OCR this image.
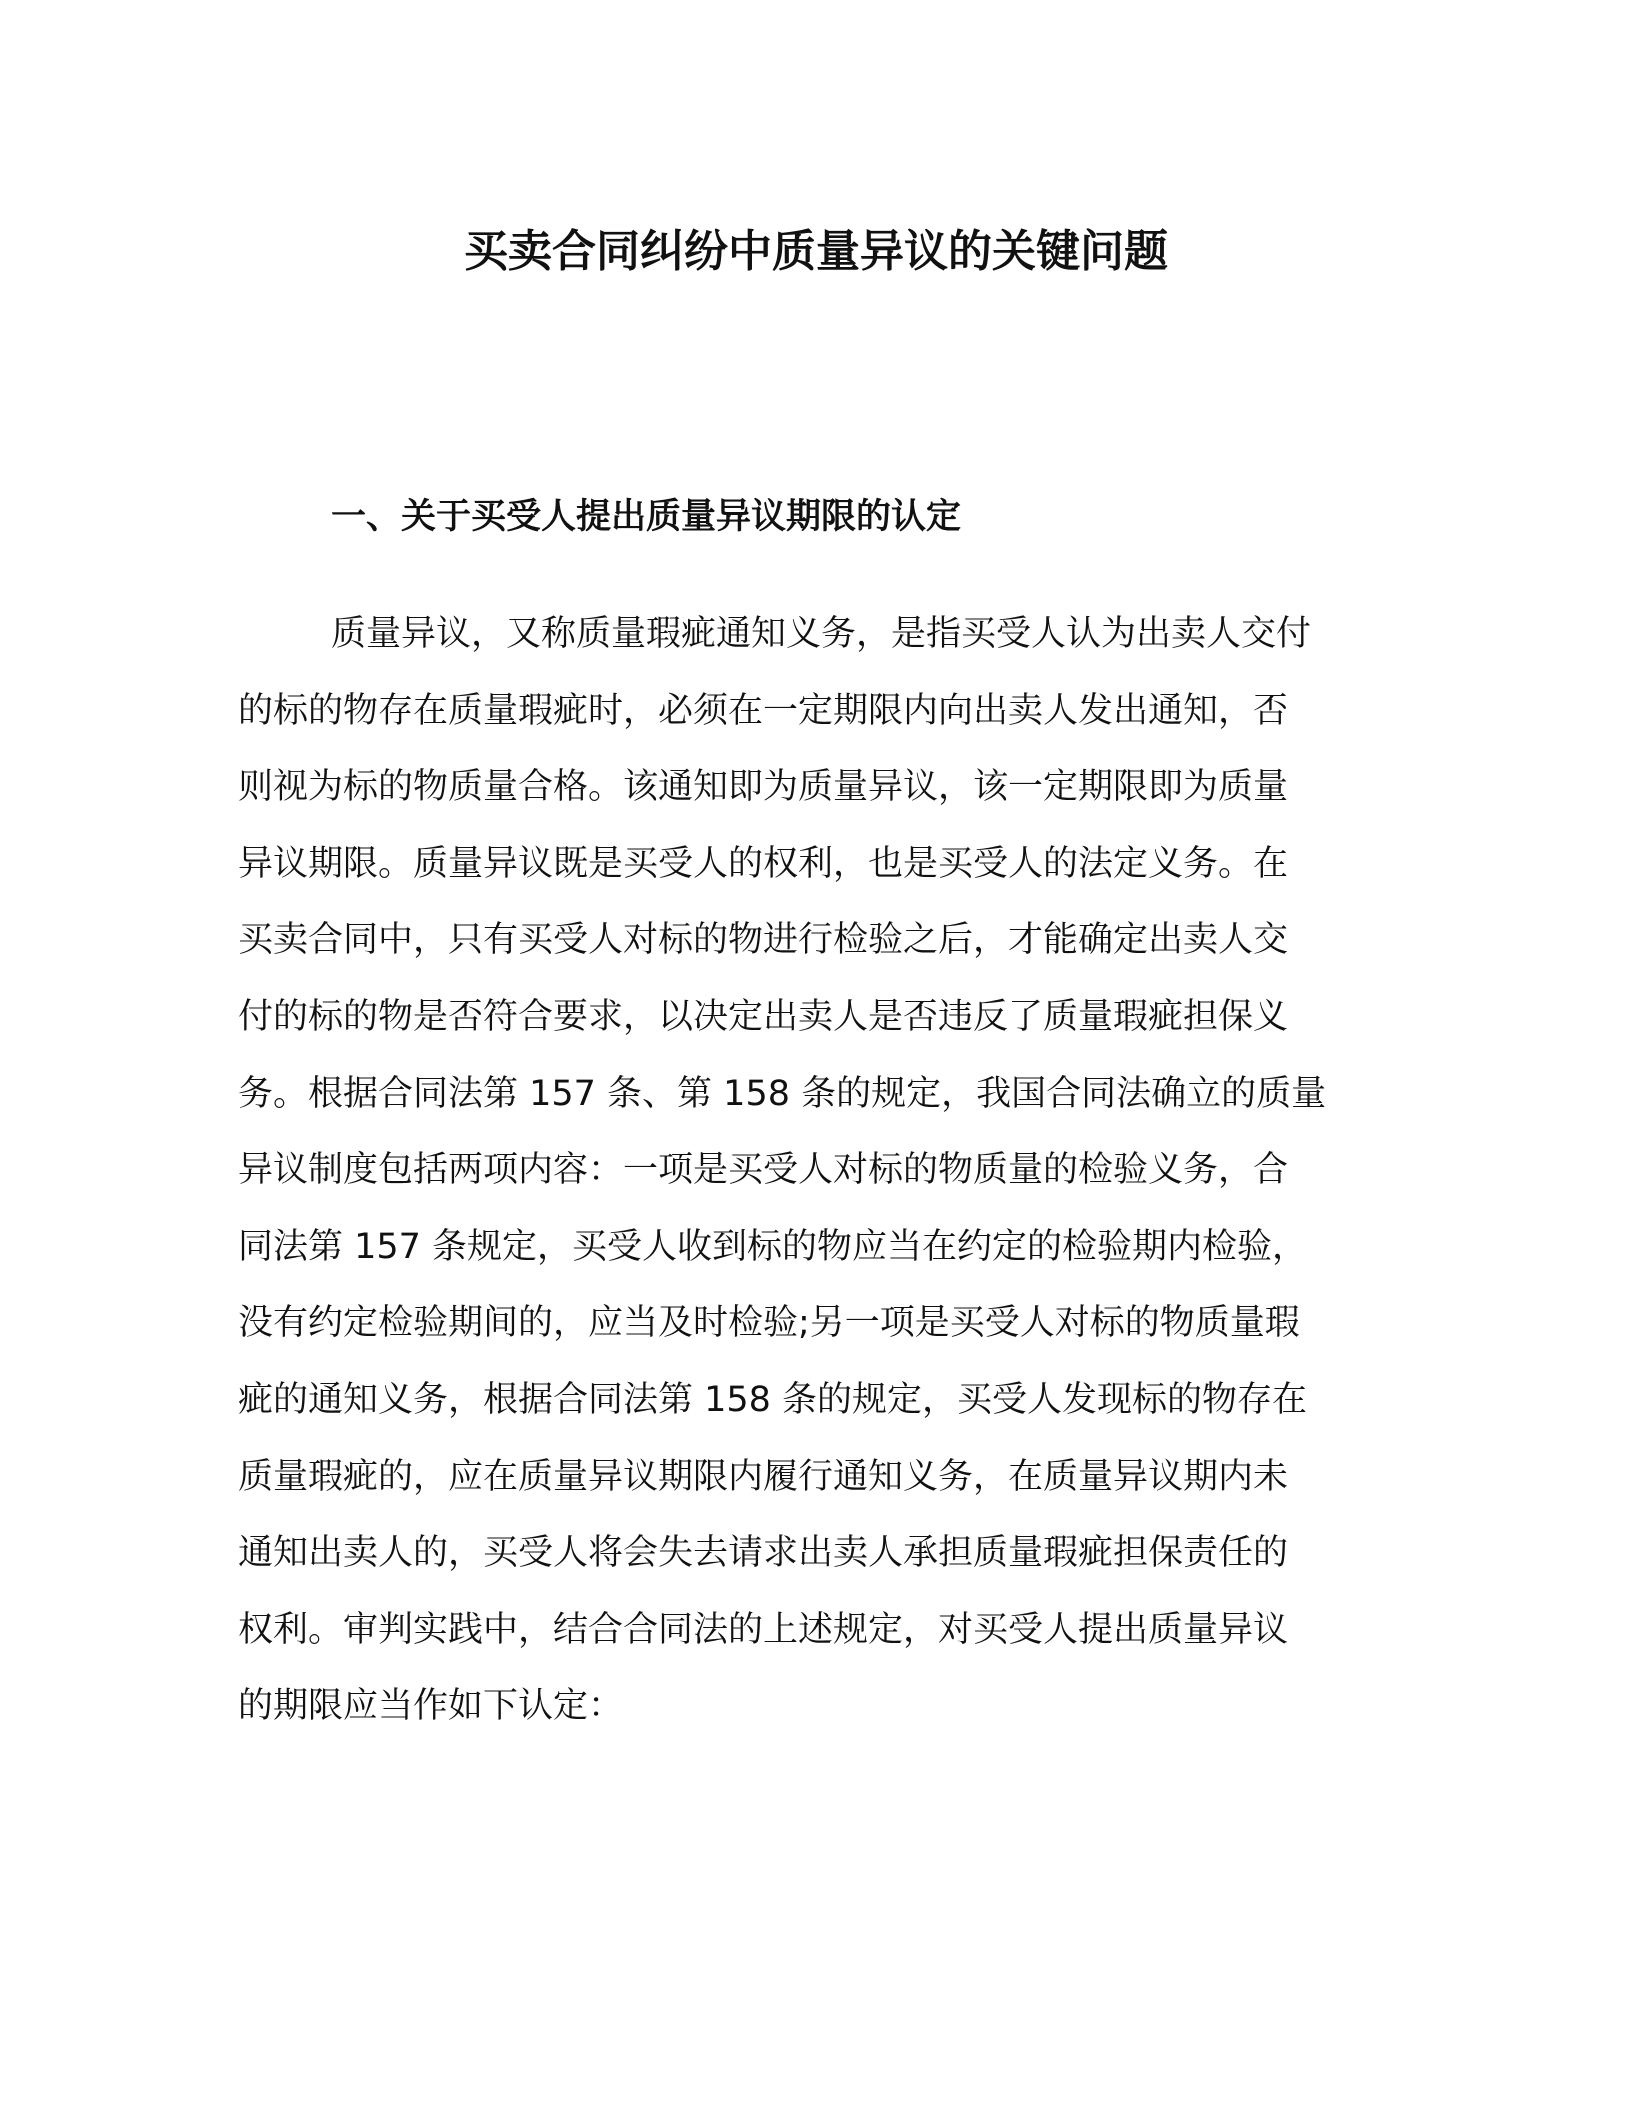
买卖合同纠纷中质量异议的关键问题
一、关于买受人提出质量异议期限的认定
质量异议，又称质量瑕疵通知义务，是指买受人认为出卖人交付
的标的物存在质量瑕疵时，必须在一定期限内向出卖人发出通知，否
则视为标的物质量合格。该通知即为质量异议，该一定期限即为质量
异议期限。质量异议既是买受人的权利，也是买受人的法定义务。在
买卖合同中，只有买受人对标的物进行检验之后，才能确定出卖人交
付的标的物是否符合要求，以决定出卖人是否违反了质量瑕疵担保义
务。根据合同法第 157 条、第 158 条的规定，我国合同法确立的质量
异议制度包括两项内容：一项是买受人对标的物质量的检验义务，合
同法第 157 条规定，买受人收到标的物应当在约定的检验期内检验，
没有约定检验期间的，应当及时检验;另一项是买受人对标的物质量瑕
疵的通知义务，根据合同法第 158 条的规定，买受人发现标的物存在
质量瑕疵的，应在质量异议期限内履行通知义务，在质量异议期内未
通知出卖人的，买受人将会失去请求出卖人承担质量瑕疵担保责任的
权利。审判实践中，结合合同法的上述规定，对买受人提出质量异议
的期限应当作如下认定：
